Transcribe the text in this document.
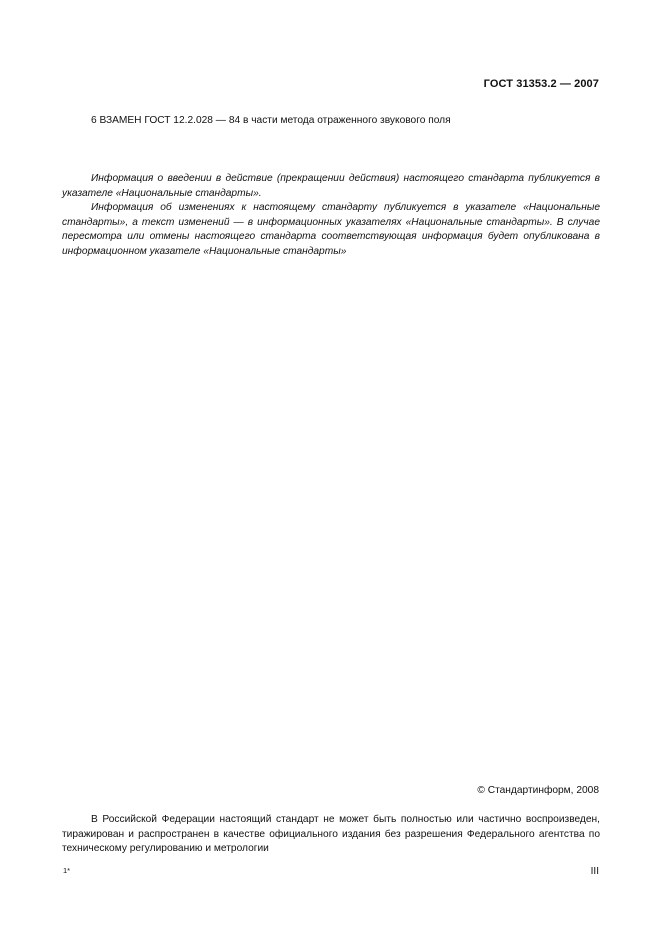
ГОСТ 31353.2 — 2007
6 ВЗАМЕН ГОСТ 12.2.028 — 84 в части метода отраженного звукового поля

Информация о введении в действие (прекращении действия) настоящего стандарта публикуется в указателе «Национальные стандарты».

Информация об изменениях к настоящему стандарту публикуется в указателе «Национальные стандарты», а текст изменений — в информационных указателях «Национальные стандарты». В случае пересмотра или отмены настоящего стандарта соответствующая информация будет опубликована в информационном указателе «Национальные стандарты»

© Стандартинформ, 2008

В Российской Федерации настоящий стандарт не может быть полностью или частично воспроизведен, тиражирован и распространен в качестве официального издания без разрешения Федерального агентства по техническому регулированию и метрологии

1*	III
